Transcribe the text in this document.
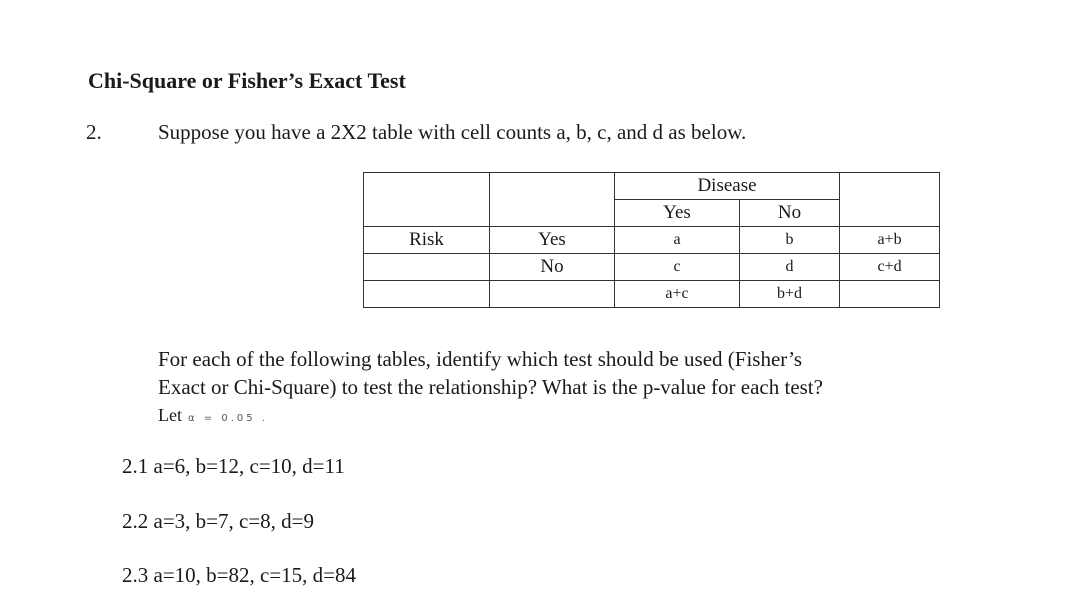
Chi-Square or Fisher’s Exact Test
2.	Suppose you have a 2X2 table with cell counts a, b, c, and d as below.
		Disease		
		Yes	No	
Risk	Yes	a	b	a+b
	No	c	d	c+d
		a+c	b+d	
For each of the following tables, identify which test should be used (Fisher’s
Exact or Chi-Square) to test the relationship? What is the p-value for each test?
Let α = 0.05 .
2.1 a=6, b=12, c=10, d=11
2.2 a=3, b=7, c=8, d=9
2.3 a=10, b=82, c=15, d=84
